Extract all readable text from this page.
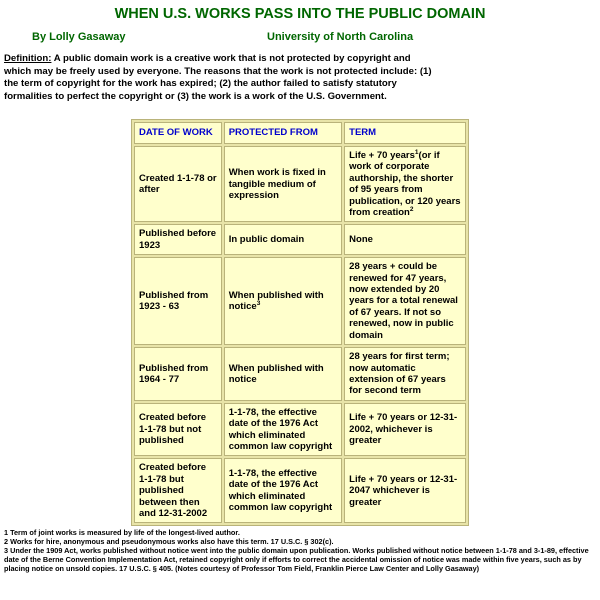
WHEN U.S. WORKS PASS INTO THE PUBLIC DOMAIN
By Lolly Gasaway	University of North Carolina
Definition: A public domain work is a creative work that is not protected by copyright and which may be freely used by everyone. The reasons that the work is not protected include: (1) the term of copyright for the work has expired; (2) the author failed to satisfy statutory formalities to perfect the copyright or (3) the work is a work of the U.S. Government.
DATE OF WORK	PROTECTED FROM	TERM
Created 1-1-78 or after	When work is fixed in tangible medium of expression	Life + 70 years$^1$(or if work of corporate authorship, the shorter of 95 years from publication, or 120 years from creation$^2$
Published before 1923	In public domain	None
Published from 1923 - 63	When published with notice$^3$	28 years + could be renewed for 47 years, now extended by 20 years for a total renewal of 67 years. If not so renewed, now in public domain
Published from 1964 - 77	When published with notice	28 years for first term; now automatic extension of 67 years for second term
Created before 1-1-78 but not published	1-1-78, the effective date of the 1976 Act which eliminated common law copyright	Life + 70 years or 12-31-2002, whichever is greater
Created before 1-1-78 but published between then and 12-31-2002	1-1-78, the effective date of the 1976 Act which eliminated common law copyright	Life + 70 years or 12-31-2047 whichever is greater
1 Term of joint works is measured by life of the longest-lived author.
2 Works for hire, anonymous and pseudonymous works also have this term. 17 U.S.C. § 302(c).
3 Under the 1909 Act, works published without notice went into the public domain upon publication. Works published without notice between 1-1-78 and 3-1-89, effective date of the Berne Convention Implementation Act, retained copyright only if efforts to correct the accidental omission of notice was made within five years, such as by placing notice on unsold copies. 17 U.S.C. § 405. (Notes courtesy of Professor Tom Field, Franklin Pierce Law Center and Lolly Gasaway)
